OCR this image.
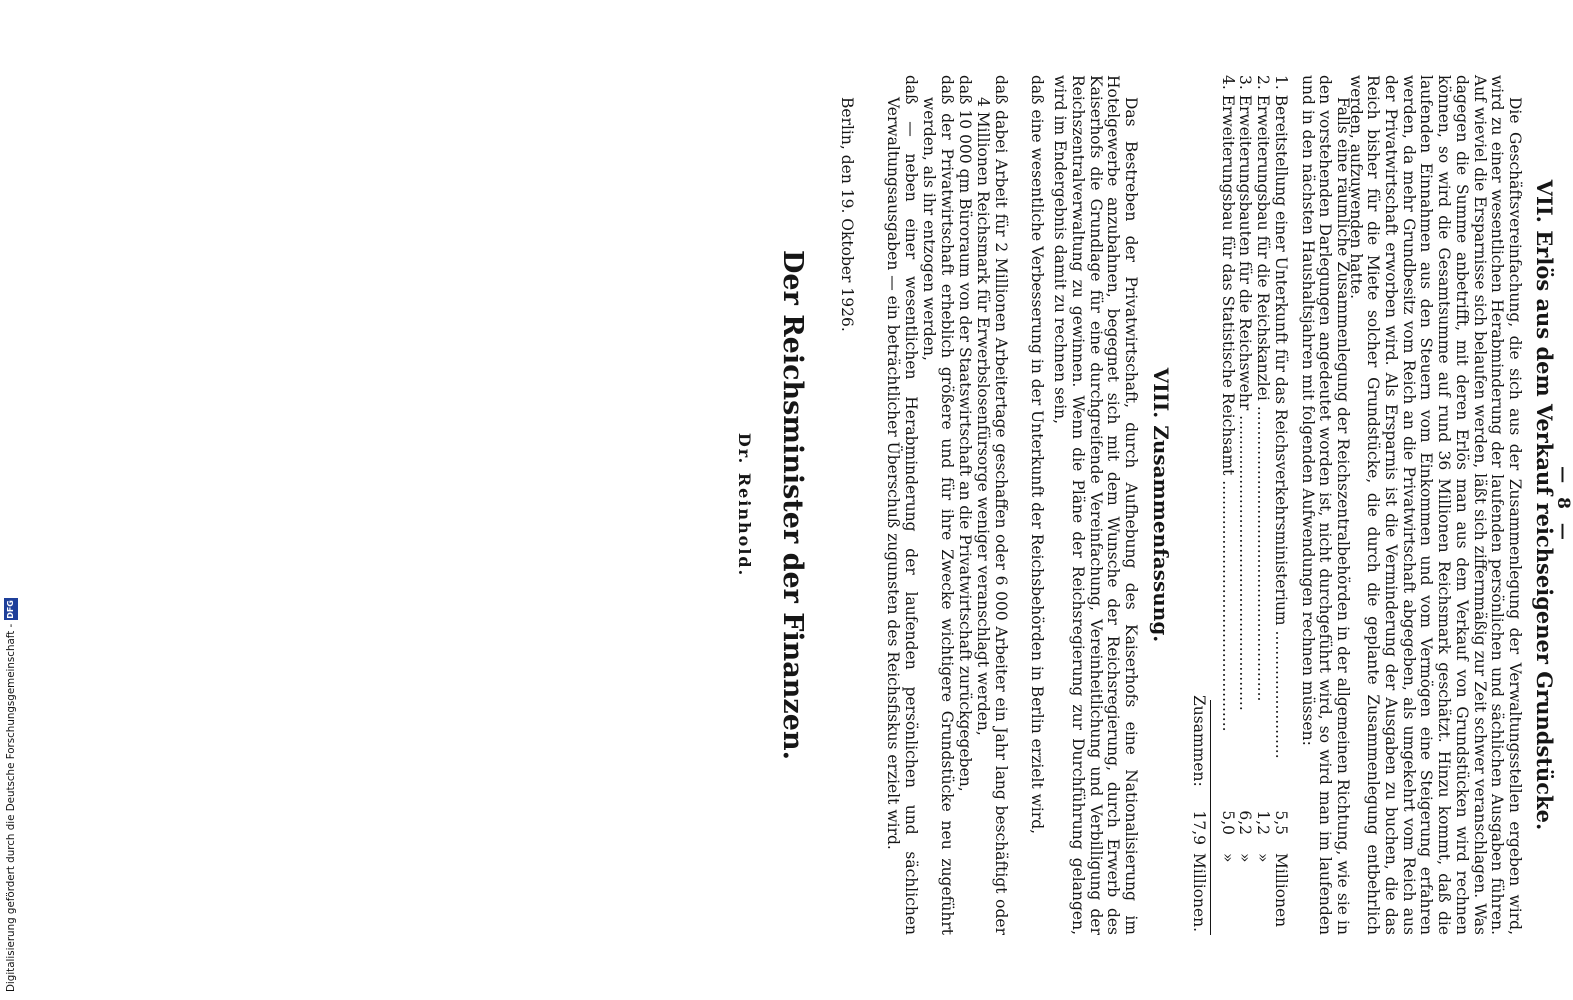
Digitalisierung gefördert durch die Deutsche Forschungsgemeinschaft - DFG
— 8 —
VII. Erlös aus dem Verkauf reichseigener Grundstücke.

Die Geschäftsvereinfachung, die sich aus der Zusammenlegung der Verwaltungsstellen ergeben wird, wird zu einer wesentlichen Herabminderung der laufenden persönlichen und sächlichen Ausgaben führen. Auf wieviel die Ersparnisse sich belaufen werden, läßt sich ziffernmäßig zur Zeit schwer veranschlagen. Was dagegen die Summe anbetrifft, mit deren Erlös man aus dem Verkauf von Grundstücken wird rechnen können, so wird die Gesamtsumme auf rund 36 Millionen Reichsmark geschätzt. Hinzu kommt, daß die laufenden Einnahmen aus den Steuern vom Einkommen und vom Vermögen eine Steigerung erfahren werden, da mehr Grundbesitz vom Reich an die Privatwirtschaft abgegeben, als umgekehrt vom Reich aus der Privatwirtschaft erworben wird. Als Ersparnis ist die Verminderung der Ausgaben zu buchen, die das Reich bisher für die Miete solcher Grundstücke, die durch die geplante Zusammenlegung entbehrlich werden, aufzuwenden hatte.

Falls eine räumliche Zusammenlegung der Reichszentralbehörden in der allgemeinen Richtung, wie sie in den vorstehenden Darlegungen angedeutet worden ist, nicht durchgeführt wird, so wird man im laufenden und in den nächsten Haushaltsjahren mit folgenden Aufwendungen rechnen müssen:

1. Bereitstellung einer Unterkunft für das Reichsverkehrsministerium ..........................
5,5
Millionen
2. Erweiterungsbau für die Reichskanzlei ............................................................
1,2
»
3. Erweiterungsbauten für die Reichswehr ............................................................
6,2
»
4. Erweiterungsbau für das Statistische Reichsamt ...................................................
5,0
»
Zusammen:
17,9
Millionen.
VIII. Zusammenfassung.

Das Bestreben der Privatwirtschaft, durch Aufhebung des Kaiserhofs eine Nationalisierung im Hotelgewerbe anzubahnen, begegnet sich mit dem Wunsche der Reichsregierung, durch Erwerb des Kaiserhofs die Grundlage für eine durchgreifende Vereinfachung, Vereinheitlichung und Verbilligung der Reichszentralverwaltung zu gewinnen. Wenn die Pläne der Reichsregierung zur Durchführung gelangen, wird im Endergebnis damit zu rechnen sein,

daß eine wesentliche Verbesserung in der Unterkunft der Reichsbehörden in Berlin erzielt wird,

daß dabei Arbeit für 2 Millionen Arbeitertage geschaffen oder 6 000 Arbeiter ein Jahr lang beschäftigt oder 4 Millionen Reichsmark für Erwerbslosenfürsorge weniger veranschlagt werden,

daß 10 000 qm Büroraum von der Staatswirtschaft an die Privatwirtschaft zurückgegeben,

daß der Privatwirtschaft erheblich größere und für ihre Zwecke wichtigere Grundstücke neu zugeführt werden, als ihr entzogen werden,

daß — neben einer wesentlichen Herabminderung der laufenden persönlichen und sächlichen Verwaltungsausgaben — ein beträchtlicher Überschuß zugunsten des Reichsfiskus erzielt wird.

Berlin, den 19. Oktober 1926.
Der Reichsminister der Finanzen.
Dr. Reinhold.
